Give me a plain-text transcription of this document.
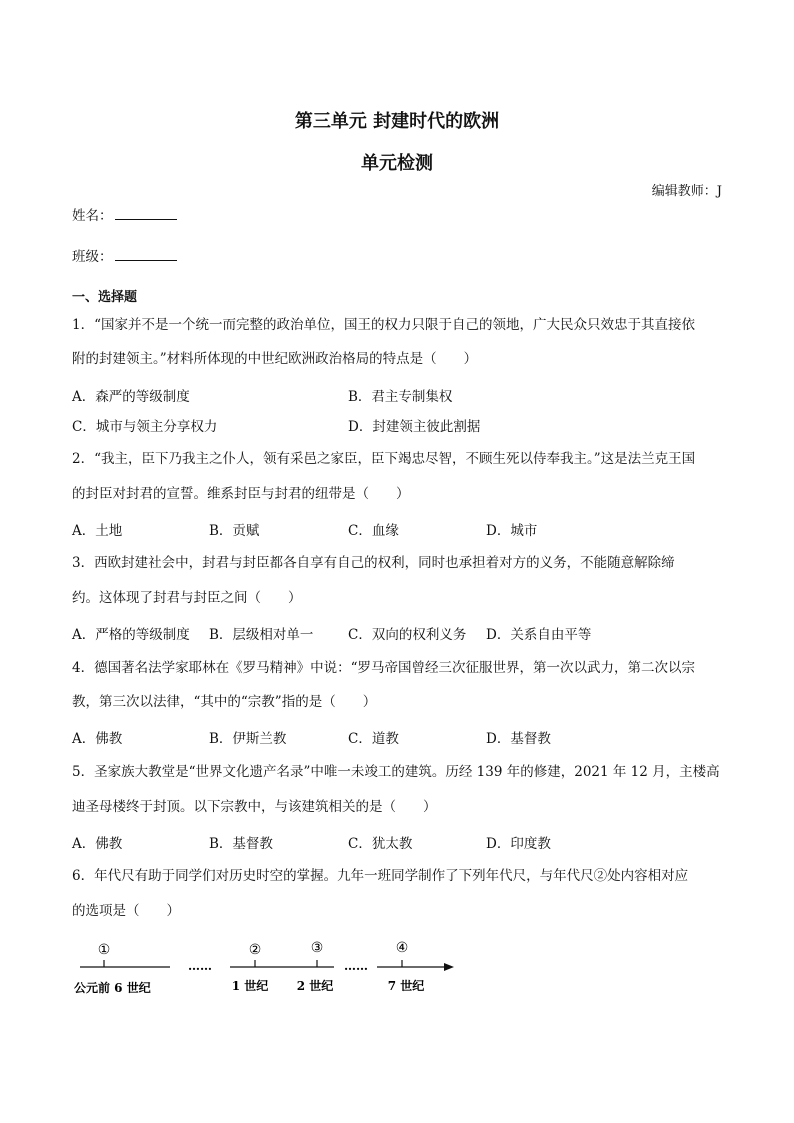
第三单元 封建时代的欧洲
单元检测
编辑教师：J
姓名：
班级：
一、选择题
1．“国家并不是一个统一而完整的政治单位，国王的权力只限于自己的领地，广大民众只效忠于其直接依
附的封建领主。”材料所体现的中世纪欧洲政治格局的特点是（　　）
A．森严的等级制度	B．君主专制集权
C．城市与领主分享权力	D．封建领主彼此割据
2．“我主，臣下乃我主之仆人，领有采邑之家臣，臣下竭忠尽智，不顾生死以侍奉我主。”这是法兰克王国
的封臣对封君的宣誓。维系封臣与封君的纽带是（　　）
A．土地	B．贡赋	C．血缘	D．城市
3．西欧封建社会中，封君与封臣都各自享有自己的权利，同时也承担着对方的义务，不能随意解除缔
约。这体现了封君与封臣之间（　　）
A．严格的等级制度 B．层级相对单一	C．双向的权利义务 D．关系自由平等
4．德国著名法学家耶林在《罗马精神》中说：“罗马帝国曾经三次征服世界，第一次以武力，第二次以宗
教，第三次以法律，“其中的“宗教”指的是（　　）
A．佛教	B．伊斯兰教	C．道教	D．基督教
5．圣家族大教堂是“世界文化遗产名录”中唯一未竣工的建筑。历经 139 年的修建，2021 年 12 月，主楼高
迪圣母楼终于封顶。以下宗教中，与该建筑相关的是（　　）
A．佛教	B．基督教	C．犹太教	D．印度教
6．年代尺有助于同学们对历史时空的掌握。九年一班同学制作了下列年代尺，与年代尺②处内容相对应
的选项是（　　）
①	②	③	④
……	……
公元前 6 世纪	1 世纪 2 世纪	7 世纪
